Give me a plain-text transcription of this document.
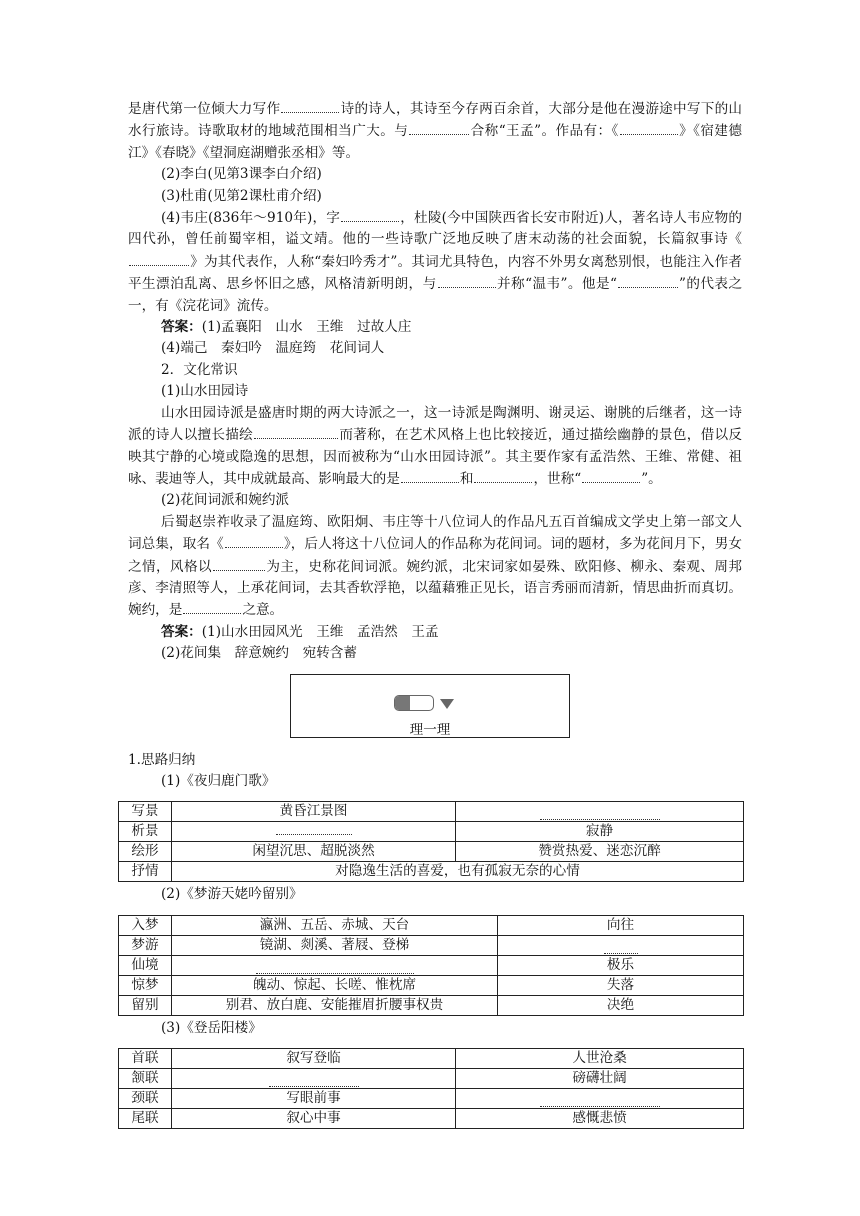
是唐代第一位倾大力写作	诗的诗人，其诗至今存两百余首，大部分是他在漫游途中写下的山水行旅诗。诗歌取材的地域范围相当广大。与	合称“王孟”。作品有：《	》《宿建德江》《春晓》《望洞庭湖赠张丞相》等。

(2)李白(见第3课李白介绍)

(3)杜甫(见第2课杜甫介绍)

(4)韦庄(836年～910年)，字	，杜陵(今中国陕西省长安市附近)人，著名诗人韦应物的四代孙，曾任前蜀宰相，谥文靖。他的一些诗歌广泛地反映了唐末动荡的社会面貌，长篇叙事诗《》为其代表作，人称“秦妇吟秀才”。其词尤具特色，内容不外男女离愁别恨，也能注入作者平生漂泊乱离、思乡怀旧之感，风格清新明朗，与	并称“温韦”。他是“	”的代表之一，有《浣花词》流传。

答案：(1)孟襄阳　山水　王维　过故人庄

(4)端己　秦妇吟　温庭筠　花间词人

2．文化常识

(1)山水田园诗

山水田园诗派是盛唐时期的两大诗派之一，这一诗派是陶渊明、谢灵运、谢朓的后继者，这一诗派的诗人以擅长描绘	而著称，在艺术风格上也比较接近，通过描绘幽静的景色，借以反映其宁静的心境或隐逸的思想，因而被称为“山水田园诗派”。其主要作家有孟浩然、王维、常健、祖咏、裴迪等人，其中成就最高、影响最大的是	和	，世称“	”。

(2)花间词派和婉约派

后蜀赵崇祚收录了温庭筠、欧阳炯、韦庄等十八位词人的作品凡五百首编成文学史上第一部文人词总集，取名《	》，后人将这十八位词人的作品称为花间词。词的题材，多为花间月下，男女之情，风格以	为主，史称花间词派。婉约派，北宋词家如晏殊、欧阳修、柳永、秦观、周邦彦、李清照等人，上承花间词，去其香软浮艳，以蕴藉雅正见长，语言秀丽而清新，情思曲折而真切。婉约，是	之意。

答案：(1)山水田园风光　王维　孟浩然　王孟

(2)花间集　辞意婉约　宛转含蓄

理一理

1.思路归纳

(1)《夜归鹿门歌》

写景	黄昏江景图	
析景		寂静
绘形	闲望沉思、超脱淡然	赞赏热爱、迷恋沉醉
抒情	对隐逸生活的喜爱，也有孤寂无奈的心情	

(2)《梦游天姥吟留别》

入梦	瀛洲、五岳、赤城、天台	向往
梦游	镜湖、剡溪、著屐、登梯	
仙境		极乐
惊梦	魄动、惊起、长嗟、惟枕席	失落
留别	别君、放白鹿、安能摧眉折腰事权贵	决绝

(3)《登岳阳楼》

首联	叙写登临	人世沧桑
颔联		磅礴壮阔
颈联	写眼前事	
尾联	叙心中事	感慨悲愤
